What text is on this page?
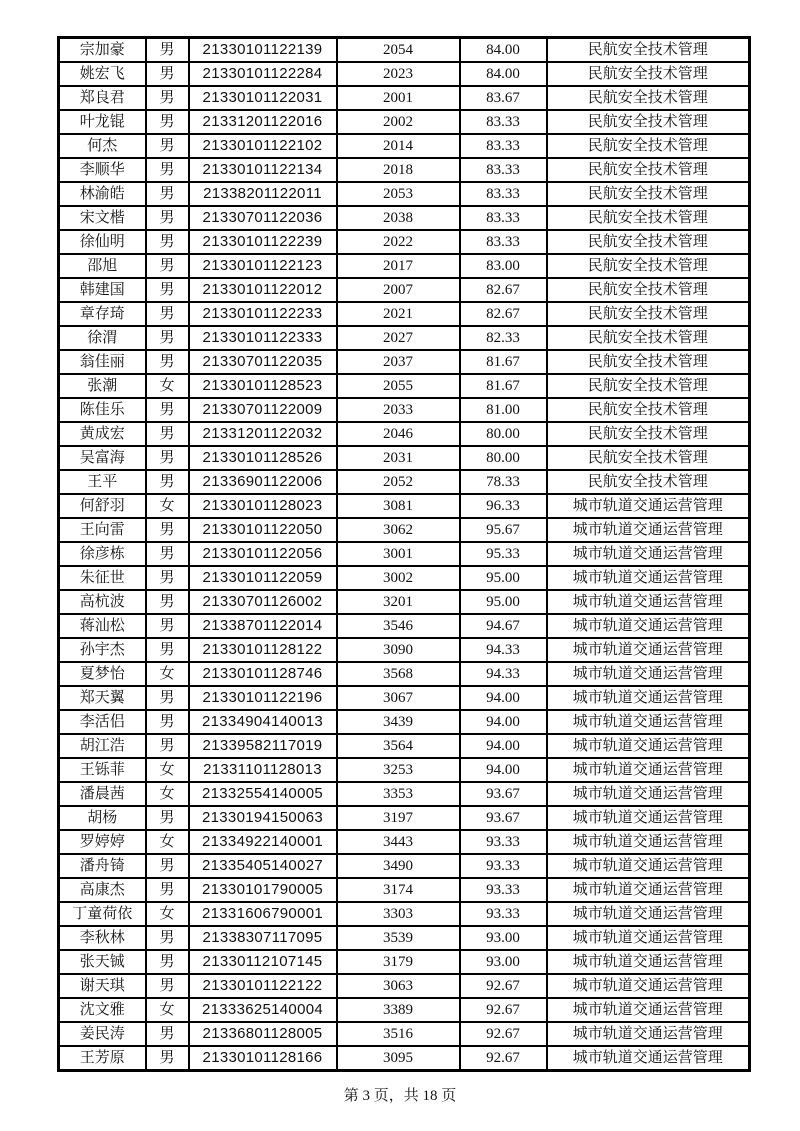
宗加豪	男	21330101122139	2054	84.00	民航安全技术管理
姚宏飞	男	21330101122284	2023	84.00	民航安全技术管理
郑良君	男	21330101122031	2001	83.67	民航安全技术管理
叶龙锟	男	21331201122016	2002	83.33	民航安全技术管理
何杰	男	21330101122102	2014	83.33	民航安全技术管理
李顺华	男	21330101122134	2018	83.33	民航安全技术管理
林渝皓	男	21338201122011	2053	83.33	民航安全技术管理
宋文楷	男	21330701122036	2038	83.33	民航安全技术管理
徐仙明	男	21330101122239	2022	83.33	民航安全技术管理
邵旭	男	21330101122123	2017	83.00	民航安全技术管理
韩建国	男	21330101122012	2007	82.67	民航安全技术管理
章存琦	男	21330101122233	2021	82.67	民航安全技术管理
徐渭	男	21330101122333	2027	82.33	民航安全技术管理
翁佳丽	男	21330701122035	2037	81.67	民航安全技术管理
张潮	女	21330101128523	2055	81.67	民航安全技术管理
陈佳乐	男	21330701122009	2033	81.00	民航安全技术管理
黄成宏	男	21331201122032	2046	80.00	民航安全技术管理
吴富海	男	21330101128526	2031	80.00	民航安全技术管理
王平	男	21336901122006	2052	78.33	民航安全技术管理
何舒羽	女	21330101128023	3081	96.33	城市轨道交通运营管理
王向雷	男	21330101122050	3062	95.67	城市轨道交通运营管理
徐彦栋	男	21330101122056	3001	95.33	城市轨道交通运营管理
朱征世	男	21330101122059	3002	95.00	城市轨道交通运营管理
高杭波	男	21330701126002	3201	95.00	城市轨道交通运营管理
蒋汕松	男	21338701122014	3546	94.67	城市轨道交通运营管理
孙宇杰	男	21330101128122	3090	94.33	城市轨道交通运营管理
夏梦怡	女	21330101128746	3568	94.33	城市轨道交通运营管理
郑天翼	男	21330101122196	3067	94.00	城市轨道交通运营管理
李活侣	男	21334904140013	3439	94.00	城市轨道交通运营管理
胡江浩	男	21339582117019	3564	94.00	城市轨道交通运营管理
王铄菲	女	21331101128013	3253	94.00	城市轨道交通运营管理
潘晨茜	女	21332554140005	3353	93.67	城市轨道交通运营管理
胡杨	男	21330194150063	3197	93.67	城市轨道交通运营管理
罗婷婷	女	21334922140001	3443	93.33	城市轨道交通运营管理
潘舟锜	男	21335405140027	3490	93.33	城市轨道交通运营管理
高康杰	男	21330101790005	3174	93.33	城市轨道交通运营管理
丁童荷依	女	21331606790001	3303	93.33	城市轨道交通运营管理
李秋林	男	21338307117095	3539	93.00	城市轨道交通运营管理
张天铖	男	21330112107145	3179	93.00	城市轨道交通运营管理
谢天琪	男	21330101122122	3063	92.67	城市轨道交通运营管理
沈文雅	女	21333625140004	3389	92.67	城市轨道交通运营管理
姜民涛	男	21336801128005	3516	92.67	城市轨道交通运营管理
王芳原	男	21330101128166	3095	92.67	城市轨道交通运营管理
第 3 页，共 18 页
